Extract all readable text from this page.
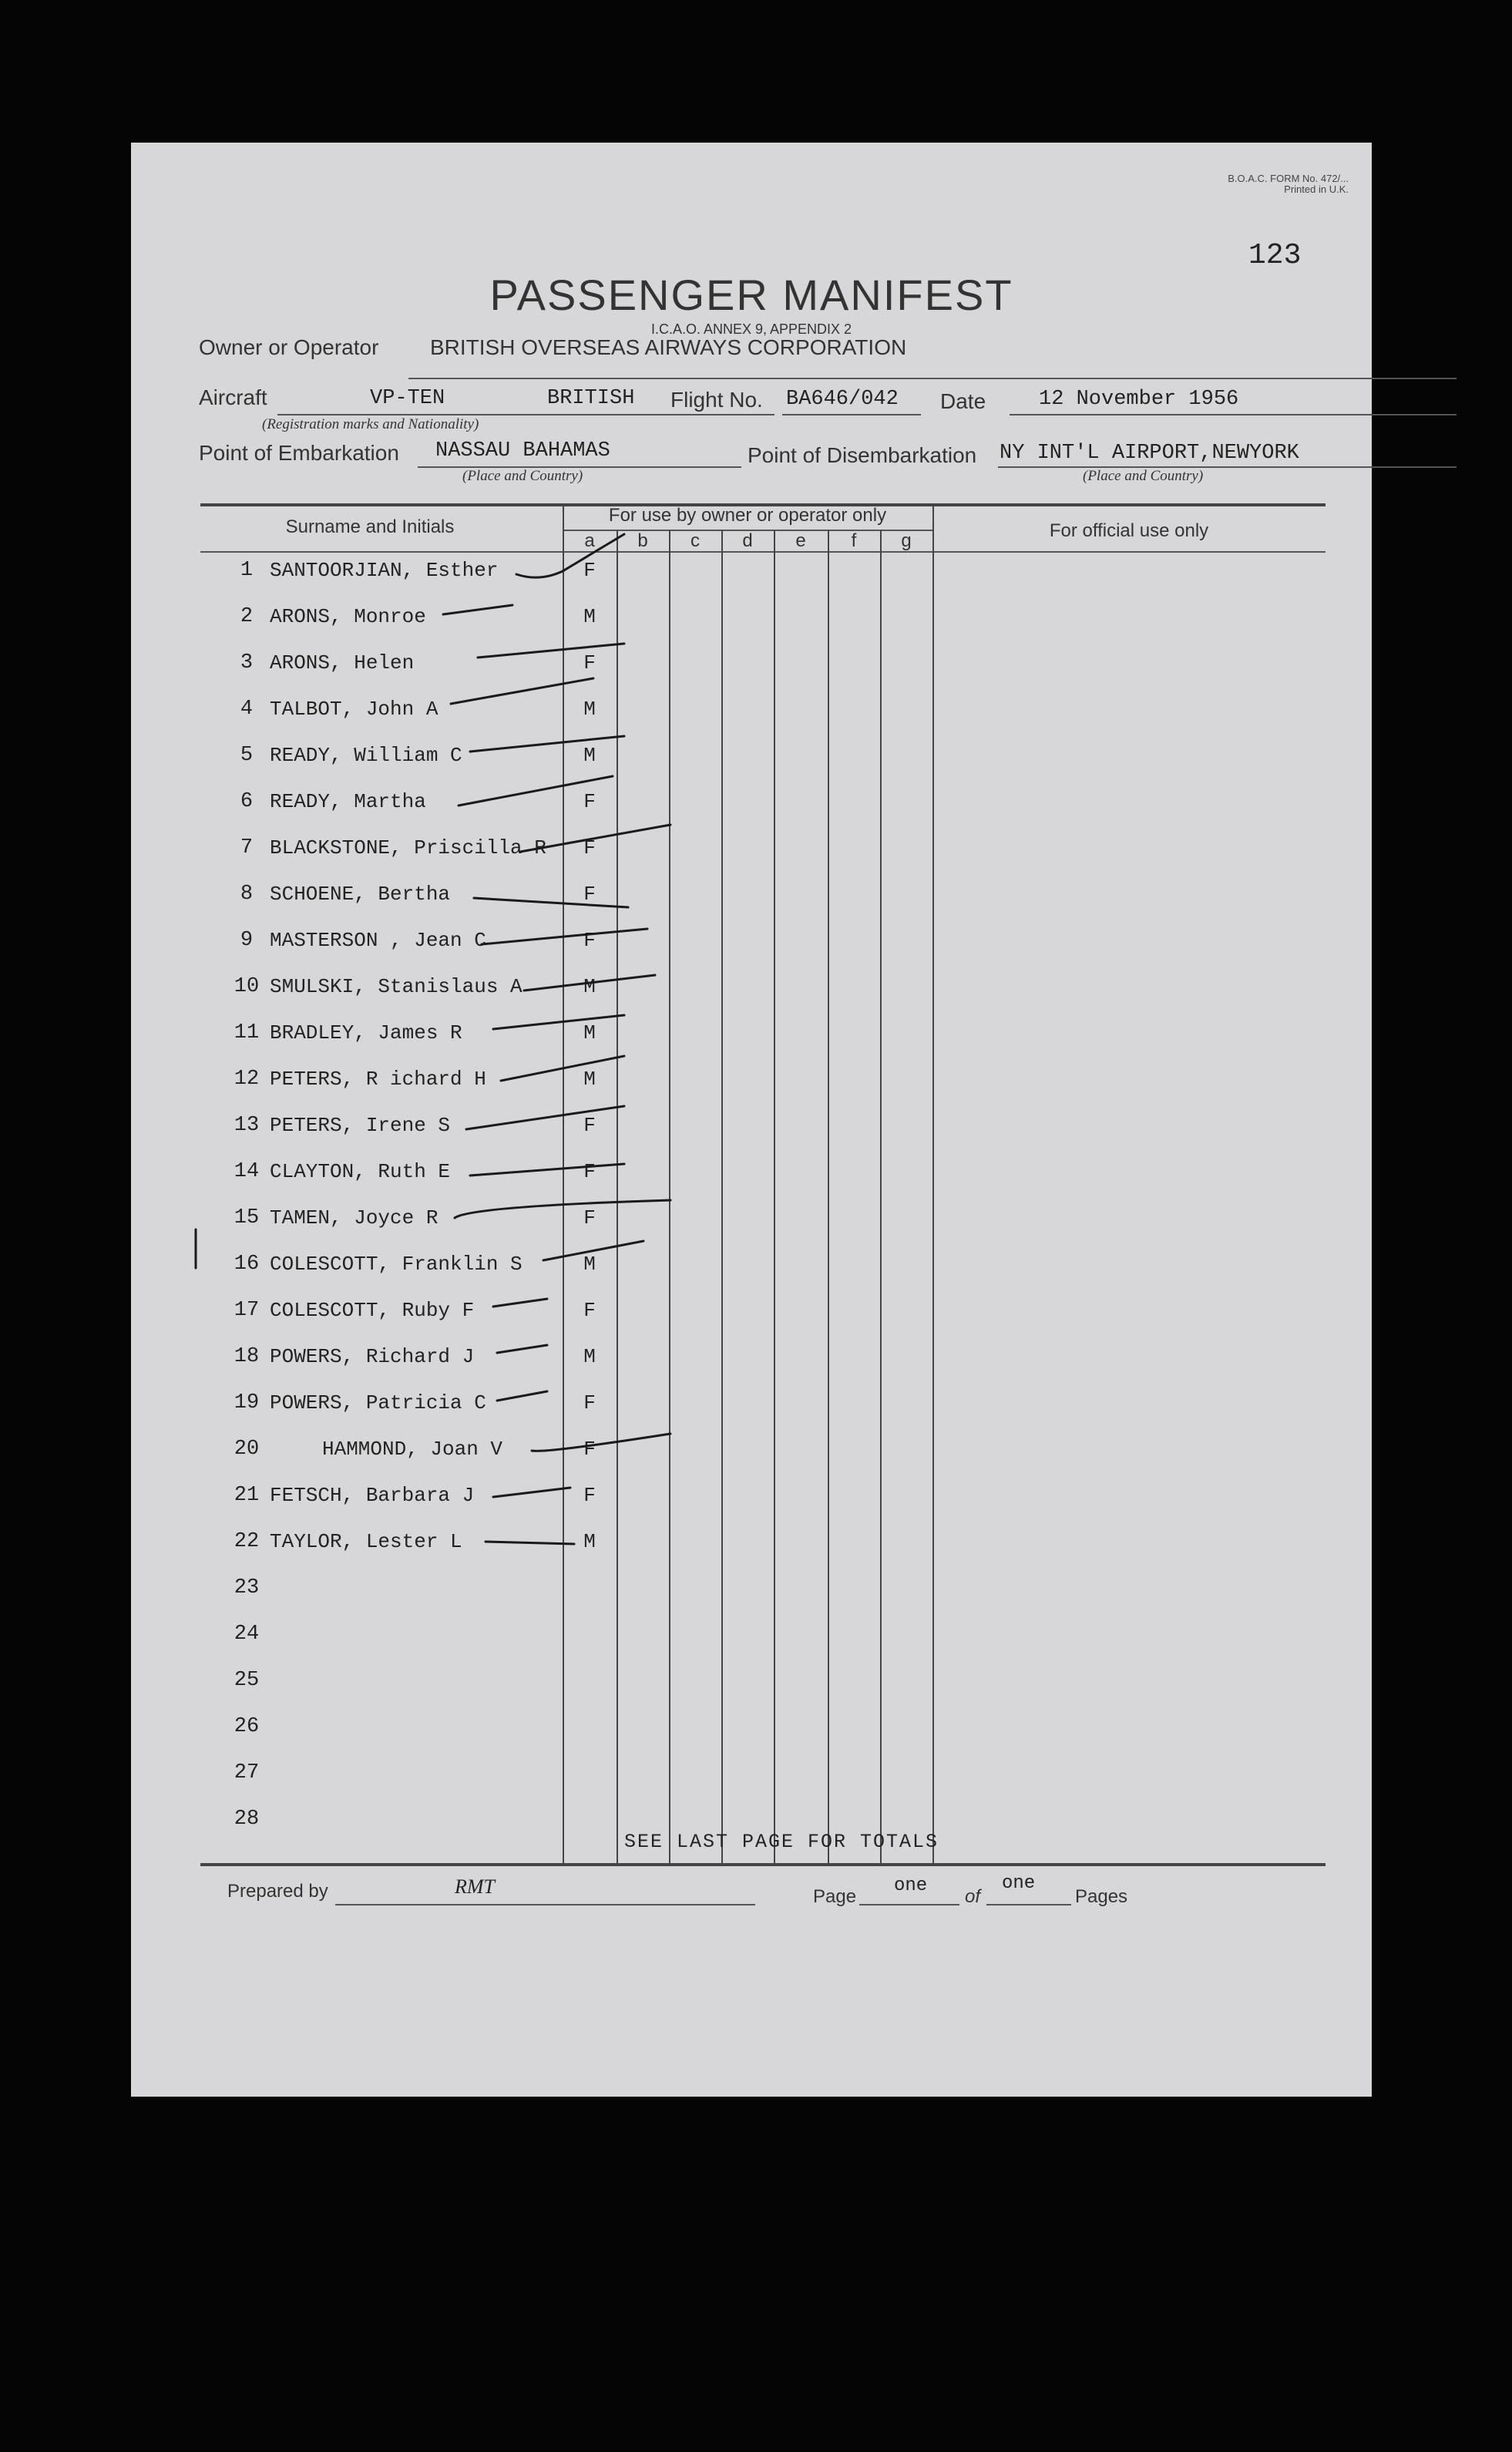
B.O.A.C. FORM No. 472/...
Printed in U.K.
123
PASSENGER MANIFEST
I.C.A.O. ANNEX 9, APPENDIX 2
Owner or Operator BRITISH OVERSEAS AIRWAYS CORPORATION
Aircraft	VP-TEN	BRITISH
(Registration marks and Nationality)
Flight No. BA646/042 Date	12 November 1956
Point of Embarkation NASSAU BAHAMAS
(Place and Country)
Point of Disembarkation NY INT'L AIRPORT,NEWYORK
(Place and Country)
Surname and Initials
For use by owner or operator only
For official use only
a	b	c	d	e	f	g
1 SANTOORJIAN, Esther	F
2 ARONS, Monroe	M
3 ARONS, Helen	F
4 TALBOT, John A	M
5 READY, William C	M
6 READY, Martha	F
7 BLACKSTONE, Priscilla R	F
8 SCHOENE, Bertha	F
9 MASTERSON , Jean C	F
10 SMULSKI, Stanislaus A	M
11 BRADLEY, James R	M
12 PETERS, R ichard H	M
13 PETERS, Irene S	F
14 CLAYTON, Ruth E	F
15 TAMEN, Joyce R	F
16 COLESCOTT, Franklin S	M
17 COLESCOTT, Ruby F	F
18 POWERS, Richard J	M
19 POWERS, Patricia C	F
20	HAMMOND, Joan V	F
21 FETSCH, Barbara J	F
22 TAYLOR, Lester L	M
23
24
25
26
27
28
SEE LAST PAGE FOR TOTALS
Prepared by	RMT	Page
one
of
one
Pages
